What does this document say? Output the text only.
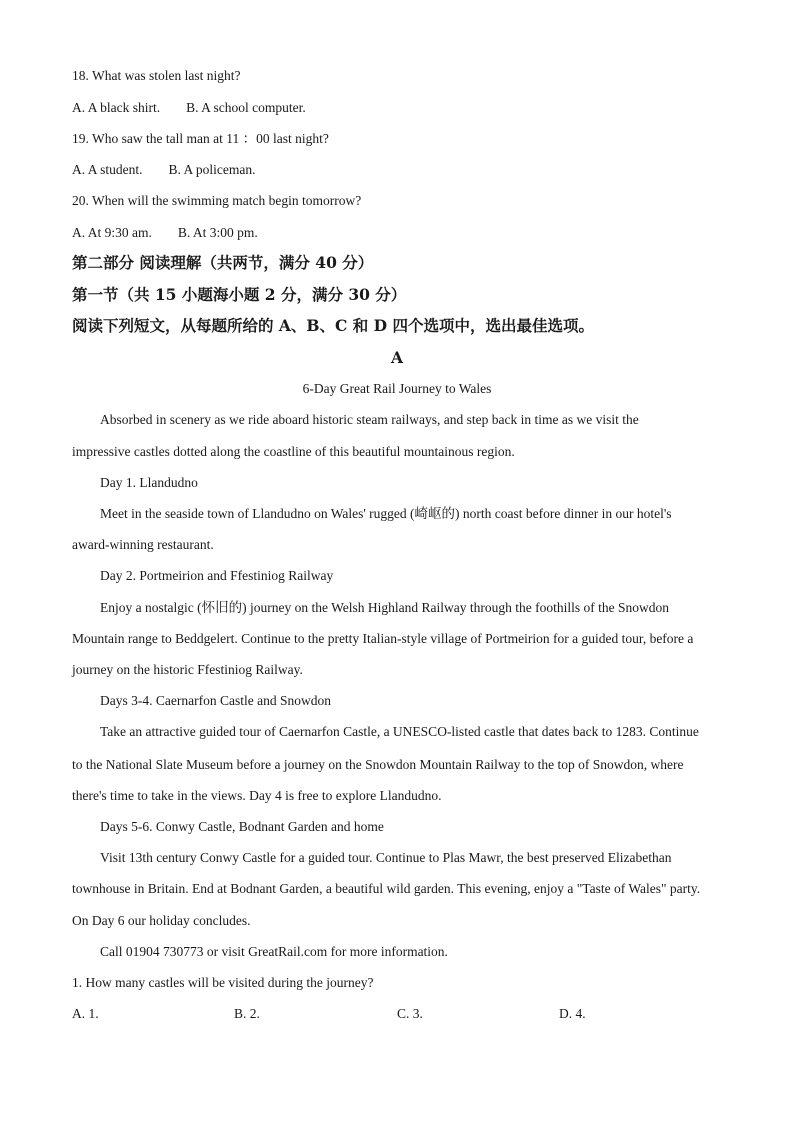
18. What was stolen last night?
A. A black shirt. B. A school computer.
19. Who saw the tall man at 11 ：00 last night?
A. A student. B. A policeman.
20. When will the swimming match begin tomorrow?
A. At 9:30 am. B. At 3:00 pm.
第二部分 阅读理解（共两节，满分 40 分）
第一节（共 15 小题海小题 2 分，满分 30 分）
阅读下列短文，从每题所给的 A、B、C 和 D 四个选项中，选出最佳选项。
A
6-Day Great Rail Journey to Wales
Absorbed in scenery as we ride aboard historic steam railways, and step back in time as we visit the
impressive castles dotted along the coastline of this beautiful mountainous region.
Day 1. Llandudno
Meet in the seaside town of Llandudno on Wales' rugged (崎岖的) north coast before dinner in our hotel's
award-winning restaurant.
Day 2. Portmeirion and Ffestiniog Railway
Enjoy a nostalgic (怀旧的) journey on the Welsh Highland Railway through the foothills of the Snowdon
Mountain range to Beddgelert. Continue to the pretty Italian-style village of Portmeirion for a guided tour, before a
journey on the historic Ffestiniog Railway.
Days 3-4. Caernarfon Castle and Snowdon
Take an attractive guided tour of Caernarfon Castle, a UNESCO-listed castle that dates back to 1283. Continue
to the National Slate Museum before a journey on the Snowdon Mountain Railway to the top of Snowdon, where
there's time to take in the views. Day 4 is free to explore Llandudno.
Days 5-6. Conwy Castle, Bodnant Garden and home
Visit 13th century Conwy Castle for a guided tour. Continue to Plas Mawr, the best preserved Elizabethan
townhouse in Britain. End at Bodnant Garden, a beautiful wild garden. This evening, enjoy a "Taste of Wales" party.
On Day 6 our holiday concludes.
Call 01904 730773 or visit GreatRail.com for more information.
1. How many castles will be visited during the journey?
A. 1.	B. 2.	C. 3.	D. 4.
